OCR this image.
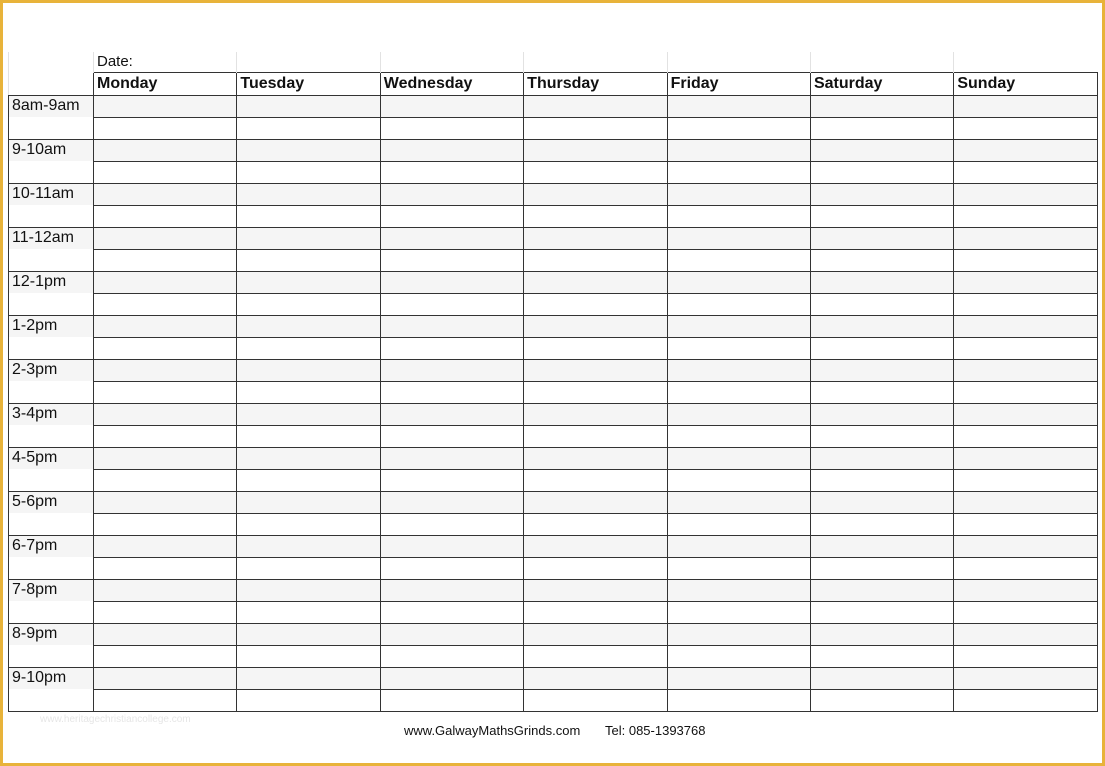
	Date:						
	Monday	Tuesday	Wednesday	Thursday	Friday	Saturday	Sunday
8am-9am							

9-10am							

10-11am							

11-12am							

12-1pm							

1-2pm							

2-3pm							

3-4pm							

4-5pm							

5-6pm							

6-7pm							

7-8pm							

8-9pm							

9-10pm							

www.heritagechristiancollege.com
www.GalwayMathsGrinds.com Tel: 085-1393768
